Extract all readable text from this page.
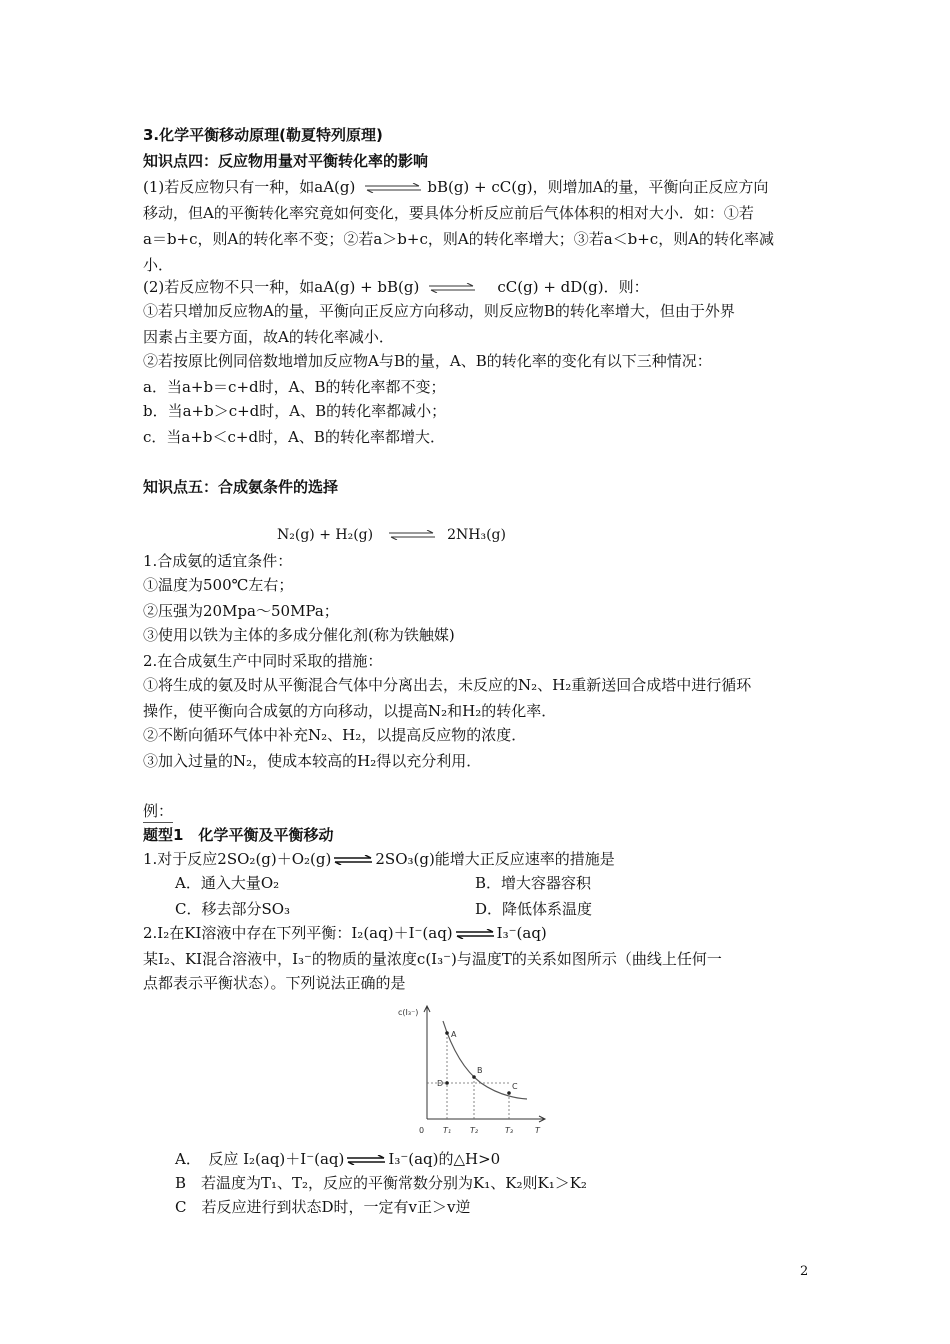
3.化学平衡移动原理(勒夏特列原理)
知识点四：反应物用量对平衡转化率的影响
(1)若反应物只有一种，如aA(g) ⇌ bB(g) + cC(g)，则增加A的量，平衡向正反应方向
移动，但A的平衡转化率究竟如何变化，要具体分析反应前后气体体积的相对大小．如：①若
a＝b+c，则A的转化率不变；②若a＞b+c，则A的转化率增大；③若a＜b+c，则A的转化率减
小．
(2)若反应物不只一种，如aA(g) + bB(g) ⇌ cC(g) + dD(g)．则：
①若只增加反应物A的量，平衡向正反应方向移动，则反应物B的转化率增大，但由于外界
因素占主要方面，故A的转化率减小．
②若按原比例同倍数地增加反应物A与B的量，A、B的转化率的变化有以下三种情况：
a．当a+b＝c+d时，A、B的转化率都不变；
b．当a+b＞c+d时，A、B的转化率都减小；
c．当a+b＜c+d时，A、B的转化率都增大．
知识点五：合成氨条件的选择
N₂(g) + H₂(g) ⇌ 2NH₃(g)
1.合成氨的适宜条件：
①温度为500℃左右；
②压强为20Mpa～50MPa；
③使用以铁为主体的多成分催化剂(称为铁触媒)
2.在合成氨生产中同时采取的措施：
①将生成的氨及时从平衡混合气体中分离出去，未反应的N₂、H₂重新送回合成塔中进行循环
操作，使平衡向合成氨的方向移动，以提高N₂和H₂的转化率．
②不断向循环气体中补充N₂、H₂，以提高反应物的浓度．
③加入过量的N₂，使成本较高的H₂得以充分利用．
例：
题型1　化学平衡及平衡移动
1.对于反应2SO₂(g)＋O₂(g) ⇌ 2SO₃(g)能增大正反应速率的措施是
A．通入大量O₂	B．增大容器容积
C．移去部分SO₃	D．降低体系温度
2.I₂在KI溶液中存在下列平衡：I₂(aq)＋I⁻(aq) ⇌ I₃⁻(aq)
某I₂、KI混合溶液中，I₃⁻的物质的量浓度c(I₃⁻)与温度T的关系如图所示（曲线上任何一
点都表示平衡状态）。下列说法正确的是
c(I₃⁻)
A
B
C
D
0 T₁ T₂	T₃	T
A．　反应 I₂(aq)＋I⁻(aq) ⇌ I₃⁻(aq)的△H>0
B　若温度为T₁、T₂，反应的平衡常数分别为K₁、K₂则K₁＞K₂
C　若反应进行到状态D时，一定有v正＞v逆
2
